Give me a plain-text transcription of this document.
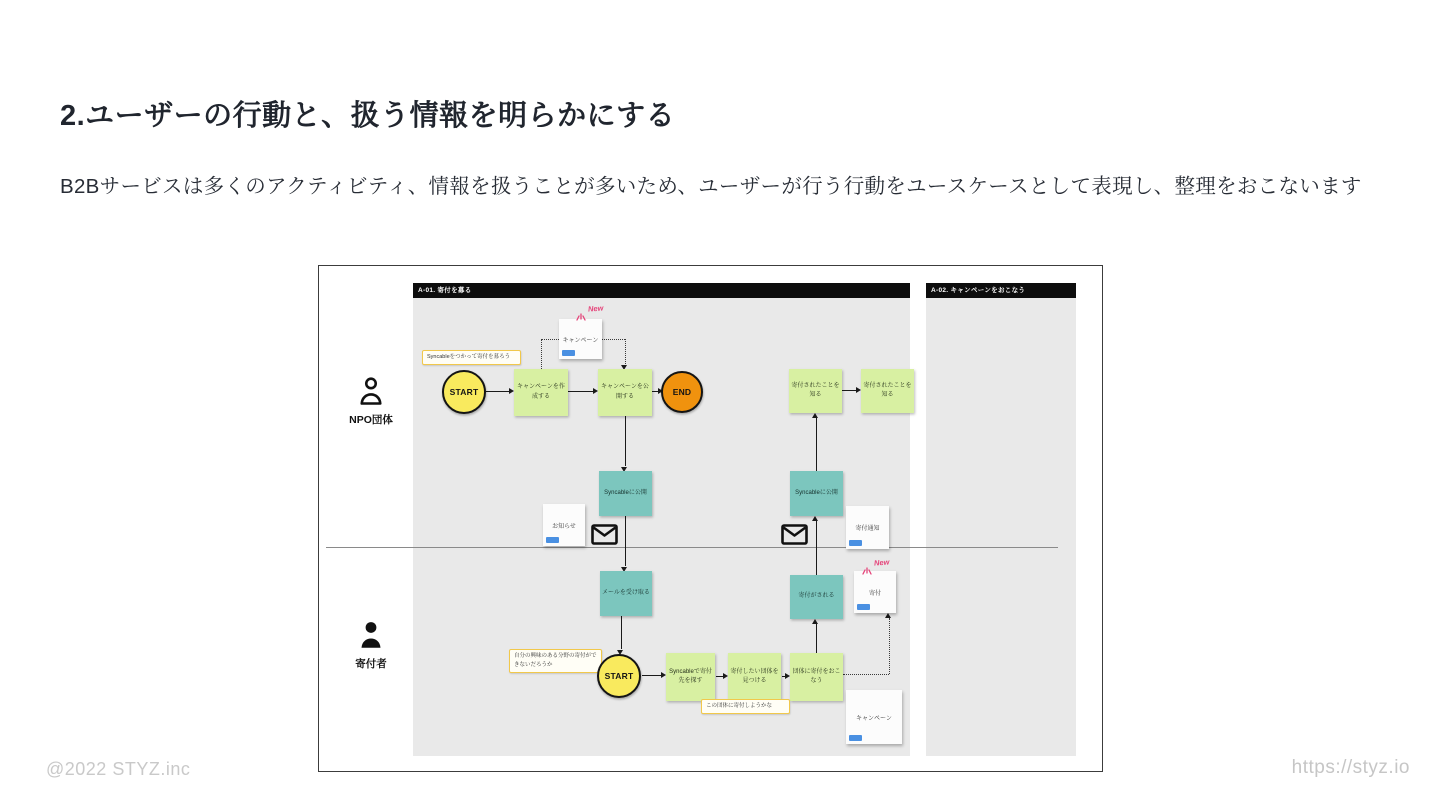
2.ユーザーの行動と、扱う情報を明らかにする

B2Bサービスは多くのアクティビティ、情報を扱うことが多いため、ユーザーが行う行動をユースケースとして表現し、整理をおこないます

A-01. 寄付を募る	A-02. キャンペーンをおこなう
NPO団体
寄付者
START	キャンペーンを作成する
キャンペーンを公開する	END
寄付されたことを知る
寄付されたことを知る
キャンペーン
New
Syncableをつかって寄付を募ろう
Syncableに公開	Syncableに公開
お知らせ	寄付通知
メールを受け取る
寄付がされる	寄付
New
自分の興味のある分野の寄付ができないだろうか
START	Syncableで寄付先を探す
寄付したい団体を見つける
団体に寄付をおこなう
この団体に寄付しようかな
キャンペーン
@2022 STYZ.inc	https://styz.io
